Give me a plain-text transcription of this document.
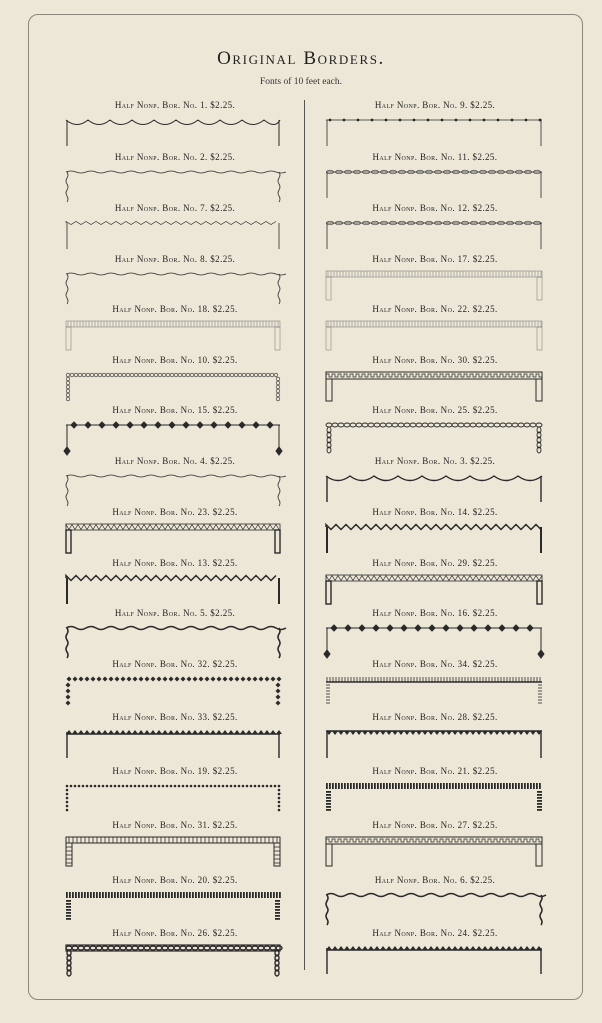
Original Borders.
Fonts of 10 feet each.
Half Nonp. Bor. No. 1. $2.25.
Half Nonp. Bor. No. 2. $2.25.
Half Nonp. Bor. No. 7. $2.25.
Half Nonp. Bor. No. 8. $2.25.
Half Nonp. Bor. No. 18. $2.25.
Half Nonp. Bor. No. 10. $2.25.
Half Nonp. Bor. No. 15. $2.25.
Half Nonp. Bor. No. 4. $2.25.
Half Nonp. Bor. No. 23. $2.25.
Half Nonp. Bor. No. 13. $2.25.
Half Nonp. Bor. No. 5. $2.25.
Half Nonp. Bor. No. 32. $2.25.
Half Nonp. Bor. No. 33. $2.25.
Half Nonp. Bor. No. 19. $2.25.
Half Nonp. Bor. No. 31. $2.25.
Half Nonp. Bor. No. 20. $2.25.
Half Nonp. Bor. No. 26. $2.25.
Half Nonp. Bor. No. 9. $2.25.
Half Nonp. Bor. No. 11. $2.25.
Half Nonp. Bor. No. 12. $2.25.
Half Nonp. Bor. No. 17. $2.25.
Half Nonp. Bor. No. 22. $2.25.
Half Nonp. Bor. No. 30. $2.25.
Half Nonp. Bor. No. 25. $2.25.
Half Nonp. Bor. No. 3. $2.25.
Half Nonp. Bor. No. 14. $2.25.
Half Nonp. Bor. No. 29. $2.25.
Half Nonp. Bor. No. 16. $2.25.
Half Nonp. Bor. No. 34. $2.25.
Half Nonp. Bor. No. 28. $2.25.
Half Nonp. Bor. No. 21. $2.25.
Half Nonp. Bor. No. 27. $2.25.
Half Nonp. Bor. No. 6. $2.25.
Half Nonp. Bor. No. 24. $2.25.
